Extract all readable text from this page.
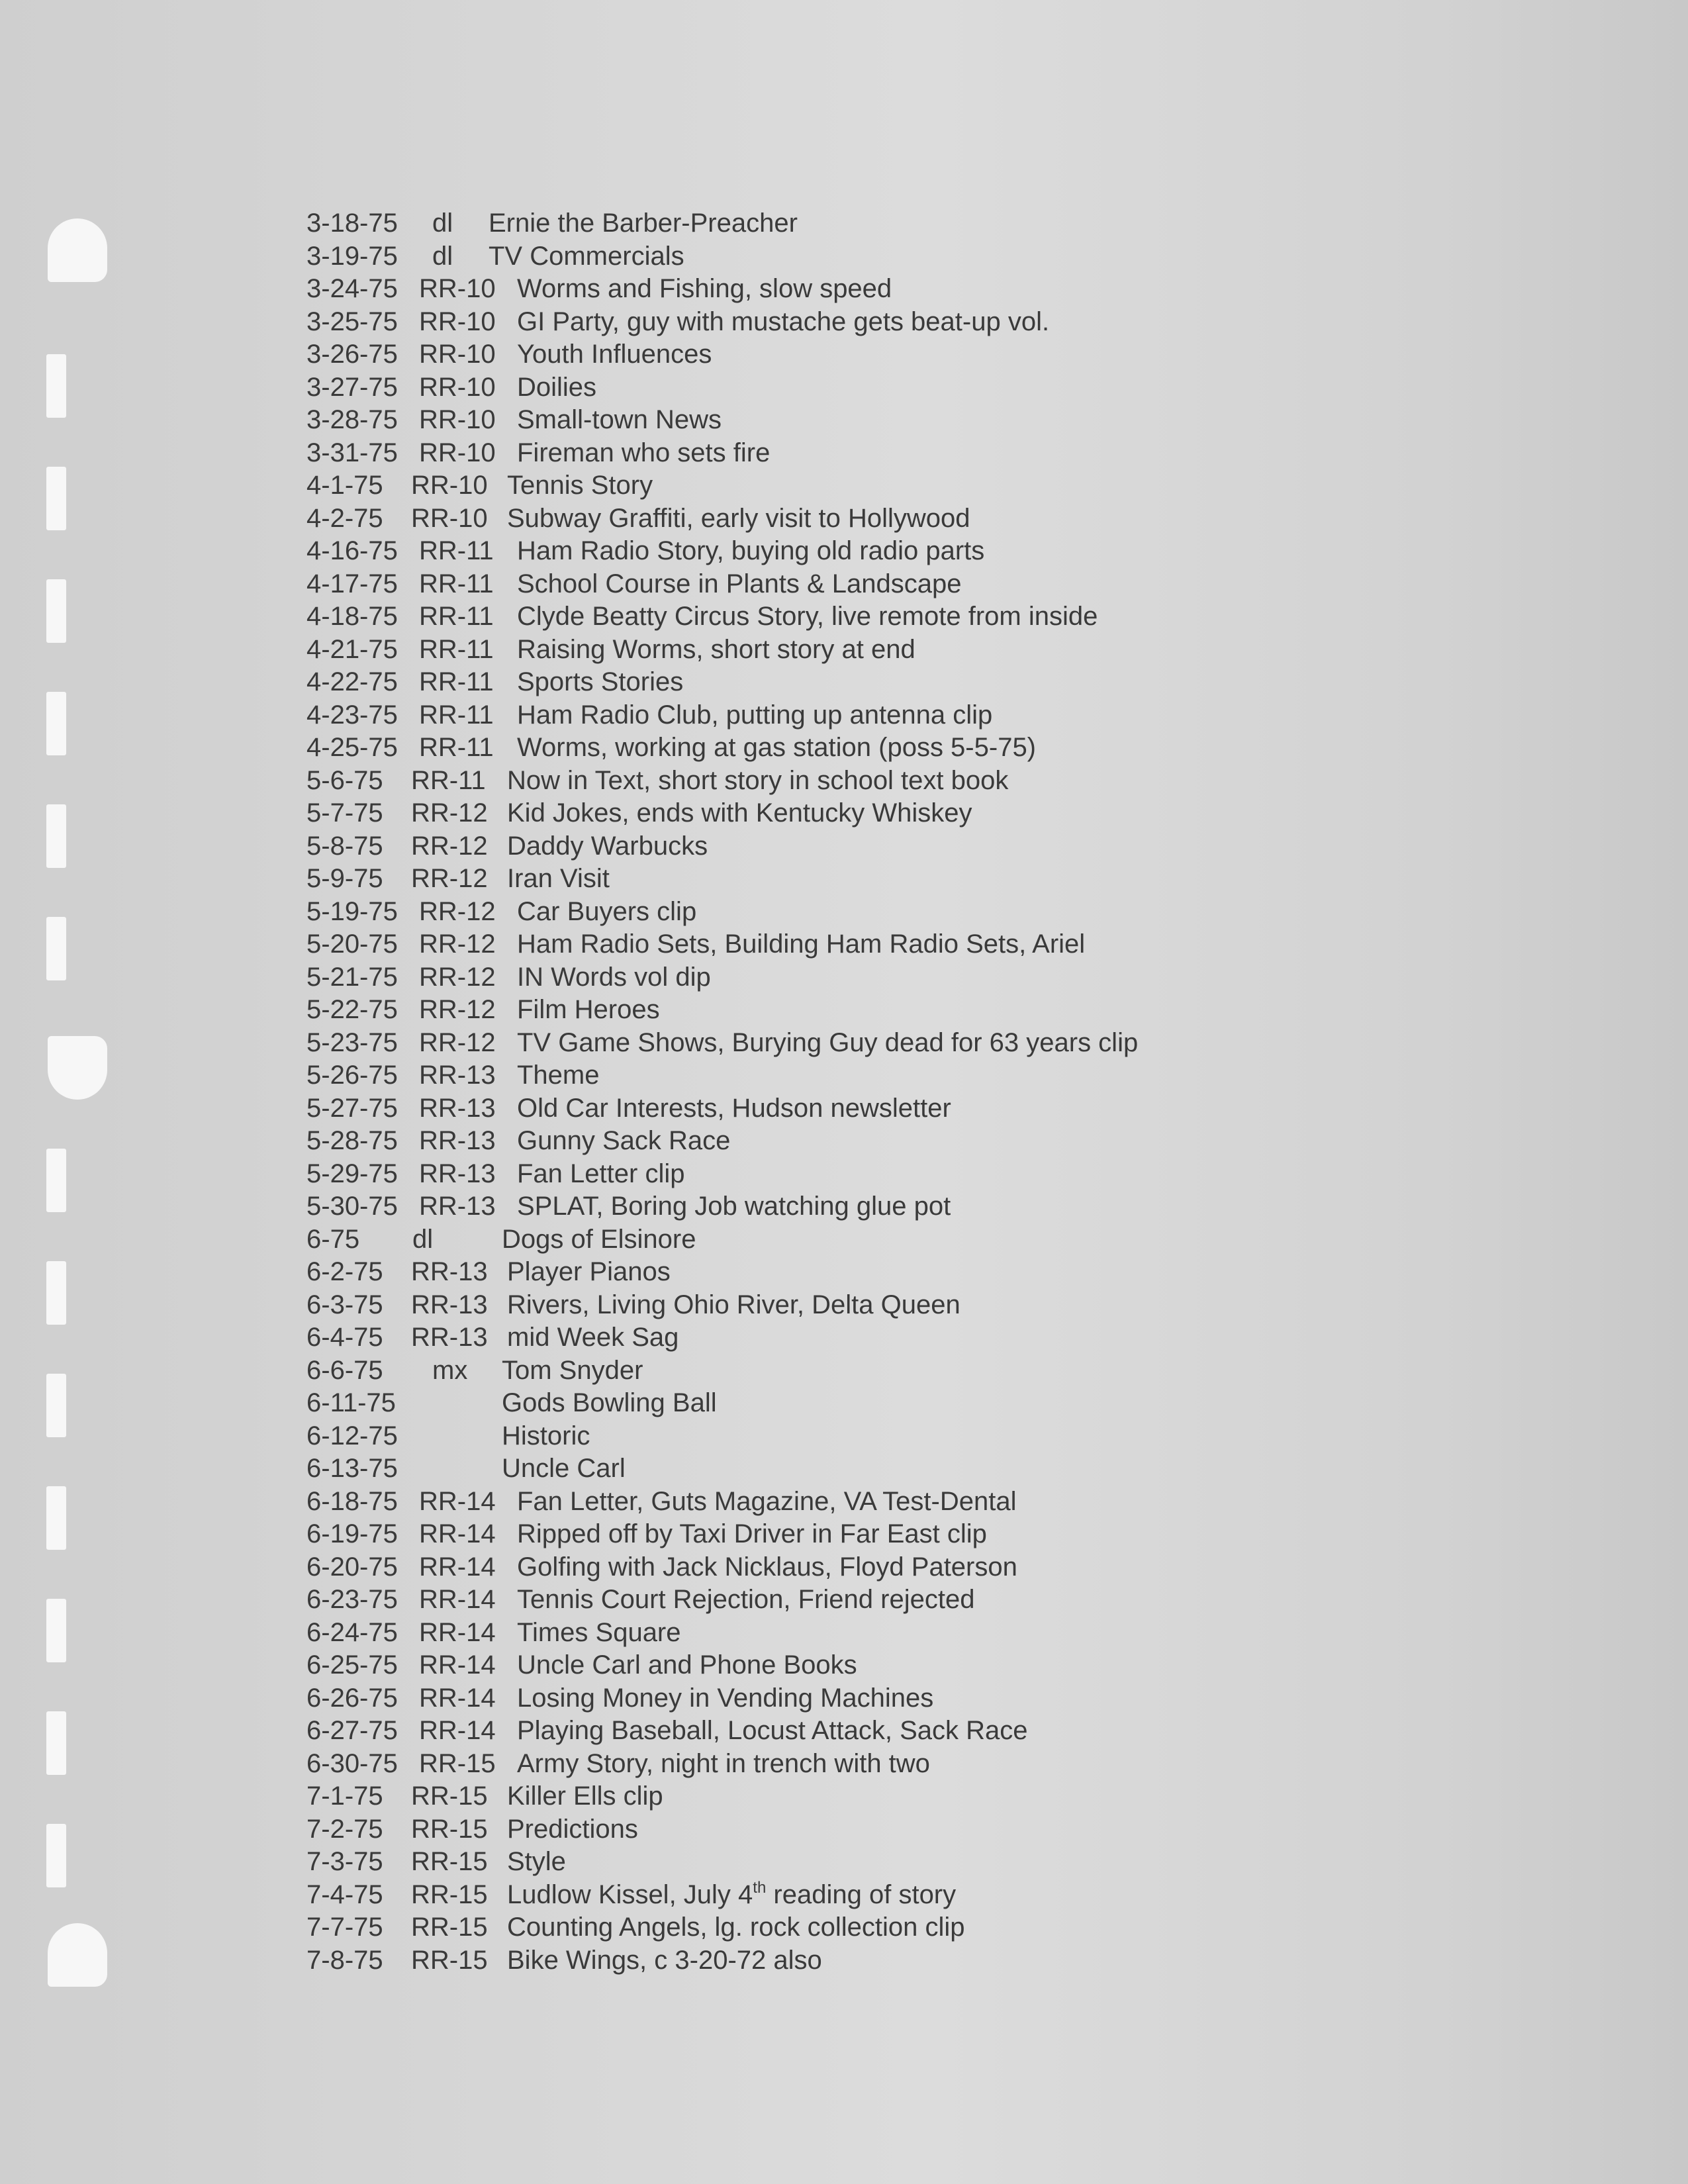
3-18-75 dl Ernie the Barber-Preacher
3-19-75 dl TV Commercials
3-24-75 RR-10 Worms and Fishing, slow speed
3-25-75 RR-10 GI Party, guy with mustache gets beat-up vol.
3-26-75 RR-10 Youth Influences
3-27-75 RR-10 Doilies
3-28-75 RR-10 Small-town News
3-31-75 RR-10 Fireman who sets fire
4-1-75 RR-10 Tennis Story
4-2-75 RR-10 Subway Graffiti, early visit to Hollywood
4-16-75 RR-11 Ham Radio Story, buying old radio parts
4-17-75 RR-11 School Course in Plants & Landscape
4-18-75 RR-11 Clyde Beatty Circus Story, live remote from inside
4-21-75 RR-11 Raising Worms, short story at end
4-22-75 RR-11 Sports Stories
4-23-75 RR-11 Ham Radio Club, putting up antenna clip
4-25-75 RR-11 Worms, working at gas station (poss 5-5-75)
5-6-75 RR-11 Now in Text, short story in school text book
5-7-75 RR-12 Kid Jokes, ends with Kentucky Whiskey
5-8-75 RR-12 Daddy Warbucks
5-9-75 RR-12 Iran Visit
5-19-75 RR-12 Car Buyers clip
5-20-75 RR-12 Ham Radio Sets, Building Ham Radio Sets, Ariel
5-21-75 RR-12 IN Words vol dip
5-22-75 RR-12 Film Heroes
5-23-75 RR-12 TV Game Shows, Burying Guy dead for 63 years clip
5-26-75 RR-13 Theme
5-27-75 RR-13 Old Car Interests, Hudson newsletter
5-28-75 RR-13 Gunny Sack Race
5-29-75 RR-13 Fan Letter clip
5-30-75 RR-13 SPLAT, Boring Job watching glue pot
6-75 dl	Dogs of Elsinore
6-2-75 RR-13 Player Pianos
6-3-75 RR-13 Rivers, Living Ohio River, Delta Queen
6-4-75 RR-13 mid Week Sag
6-6-75 mx Tom Snyder
6-11-75	Gods Bowling Ball
6-12-75	Historic
6-13-75	Uncle Carl
6-18-75 RR-14 Fan Letter, Guts Magazine, VA Test-Dental
6-19-75 RR-14 Ripped off by Taxi Driver in Far East clip
6-20-75 RR-14 Golfing with Jack Nicklaus, Floyd Paterson
6-23-75 RR-14 Tennis Court Rejection, Friend rejected
6-24-75 RR-14 Times Square
6-25-75 RR-14 Uncle Carl and Phone Books
6-26-75 RR-14 Losing Money in Vending Machines
6-27-75 RR-14 Playing Baseball, Locust Attack, Sack Race
6-30-75 RR-15 Army Story, night in trench with two
7-1-75 RR-15 Killer Ells clip
7-2-75 RR-15 Predictions
7-3-75 RR-15 Style
7-4-75 RR-15 Ludlow Kissel, July 4th reading of story
7-7-75 RR-15 Counting Angels, lg. rock collection clip
7-8-75 RR-15 Bike Wings, c 3-20-72 also
